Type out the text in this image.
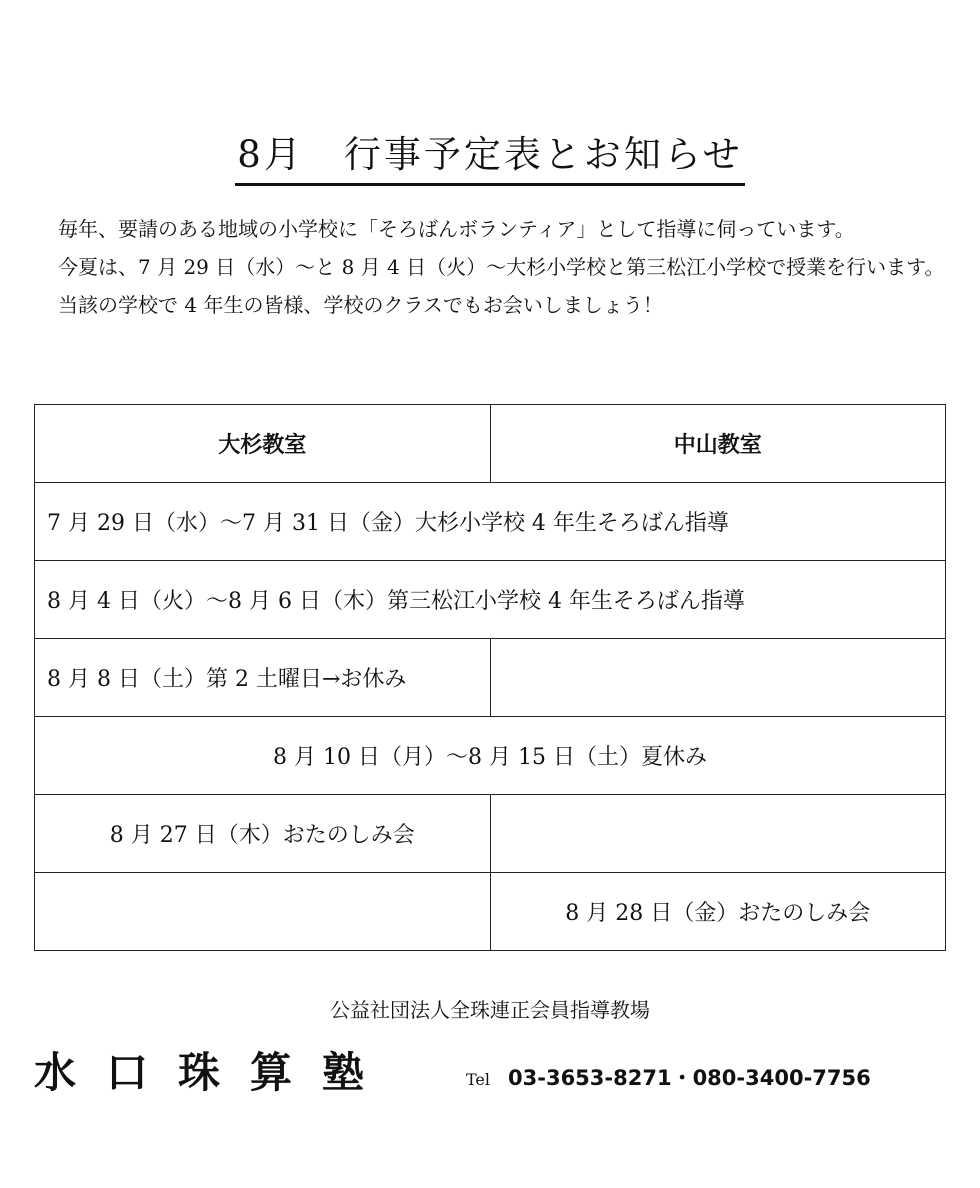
8月　行事予定表とお知らせ

毎年、要請のある地域の小学校に「そろばんボランティア」として指導に伺っています。

今夏は、7 月 29 日（水）～と 8 月 4 日（火）～大杉小学校と第三松江小学校で授業を行います。

当該の学校で 4 年生の皆様、学校のクラスでもお会いしましょう！

大杉教室	中山教室
7 月 29 日（水）～7 月 31 日（金）大杉小学校 4 年生そろばん指導	
8 月 4 日（火）～8 月 6 日（木）第三松江小学校 4 年生そろばん指導	
8 月 8 日（土）第 2 土曜日→お休み	
8 月 10 日（月）～8 月 15 日（土）夏休み	
8 月 27 日（木）おたのしみ会	
	8 月 28 日（金）おたのしみ会
公益社団法人全珠連正会員指導教場
水口珠算塾	Tel 03-3653-8271・080-3400-7756
